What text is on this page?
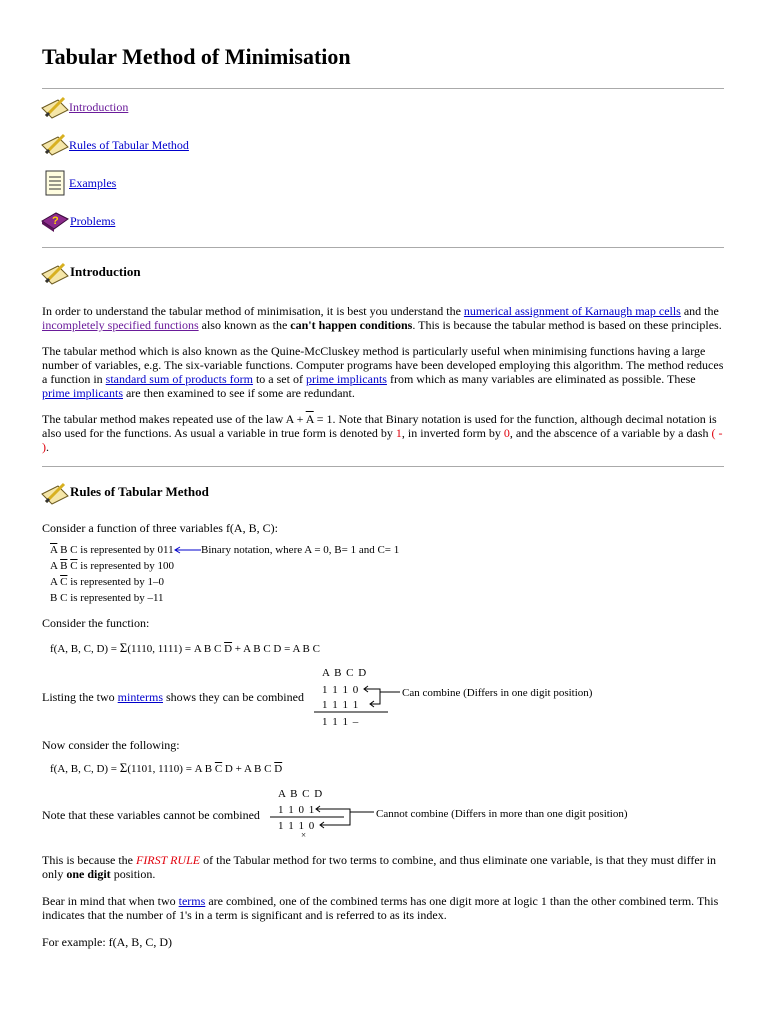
Tabular Method of Minimisation
Introduction
Rules of Tabular Method
Examples
? Problems
Introduction
In order to understand the tabular method of minimisation, it is best you understand the numerical assignment of Karnaugh map cells and the incompletely specified functions also known as the can't happen conditions. This is because the tabular method is based on these principles.
The tabular method which is also known as the Quine-McCluskey method is particularly useful when minimising functions having a large number of variables, e.g. The six-variable functions. Computer programs have been developed employing this algorithm. The method reduces a function in standard sum of products form to a set of prime implicants from which as many variables are eliminated as possible. These prime implicants are then examined to see if some are redundant.
The tabular method makes repeated use of the law $A + \overline{A} = 1$. Note that Binary notation is used for the function, although decimal notation is also used for the functions. As usual a variable in true form is denoted by 1, in inverted form by 0, and the abscence of a variable by a dash ( - ).
Rules of Tabular Method
Consider a function of three variables f(A, B, C):
$\overline{A}$ B C is represented by 011 Binary notation, where A = 0, B= 1 and C= 1
A $\overline{B}$ $\overline{C}$ is represented by 100
A $\overline{C}$ is represented by 1–0
B C is represented by –11
Consider the function:
f(A, B, C, D) = Σ(1110, 1111) = A B C $\overline{D} + A$ B C D = A B C
A B C D
1 1 1 0
1 1 1 1
1 1 1 –
Listing the two minterms shows they can be combined	Can combine (Differs in one digit position)
Now consider the following:
f(A, B, C, D) = Σ(1101, 1110) = A B $\overline{C}$ D + A B C $\overline{D}$
A B C D
1 1 0 1
1 1 1 0
×
Note that these variables cannot be combined	Cannot combine (Differs in more than one digit position)
This is because the FIRST RULE of the Tabular method for two terms to combine, and thus eliminate one variable, is that they must differ in only one digit position.
Bear in mind that when two terms are combined, one of the combined terms has one digit more at logic 1 than the other combined term. This indicates that the number of 1's in a term is significant and is referred to as its index.
For example: f(A, B, C, D)
